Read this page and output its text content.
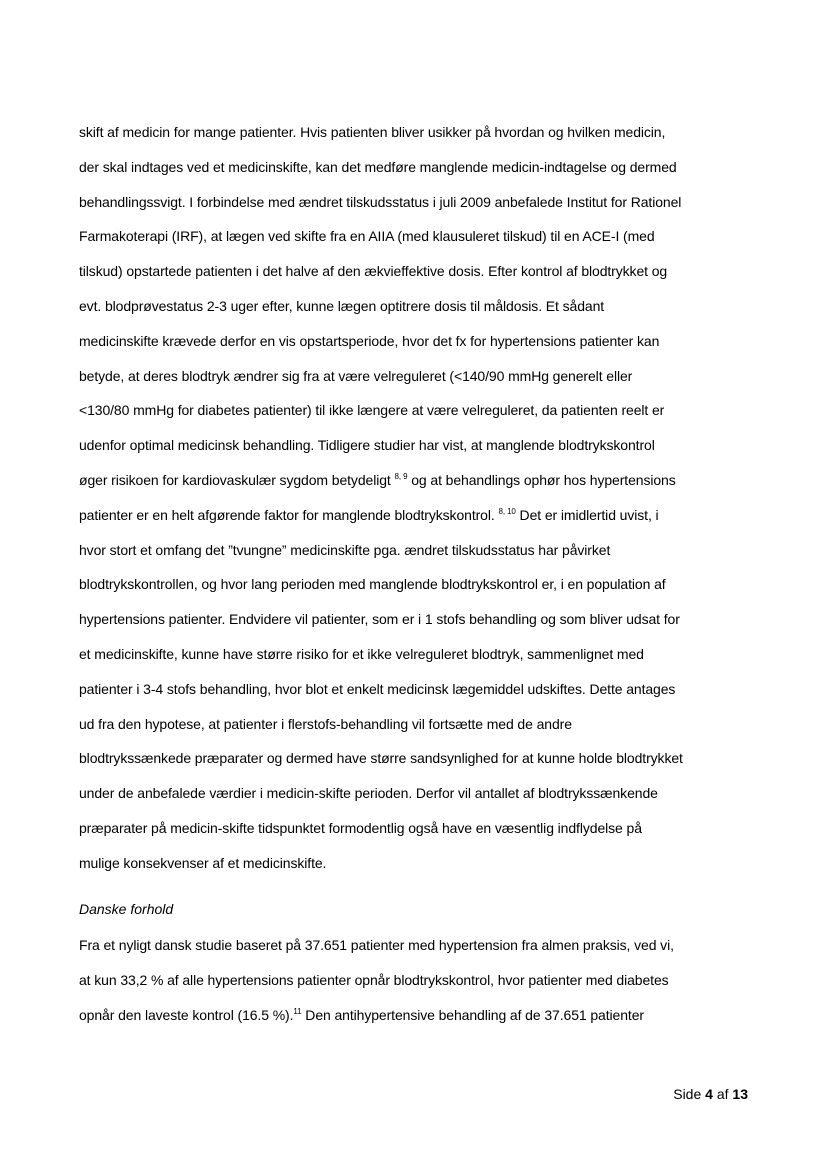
skift af medicin for mange patienter. Hvis patienten bliver usikker på hvordan og hvilken medicin,
der skal indtages ved et medicinskifte, kan det medføre manglende medicin-indtagelse og dermed
behandlingssvigt. I forbindelse med ændret tilskudsstatus i juli 2009 anbefalede Institut for Rationel
Farmakoterapi (IRF), at lægen ved skifte fra en AIIA (med klausuleret tilskud) til en ACE-I (med
tilskud) opstartede patienten i det halve af den ækvieffektive dosis. Efter kontrol af blodtrykket og
evt. blodprøvestatus 2-3 uger efter, kunne lægen optitrere dosis til måldosis. Et sådant
medicinskifte krævede derfor en vis opstartsperiode, hvor det fx for hypertensions patienter kan
betyde, at deres blodtryk ændrer sig fra at være velreguleret (<140/90 mmHg generelt eller
<130/80 mmHg for diabetes patienter) til ikke længere at være velreguleret, da patienten reelt er
udenfor optimal medicinsk behandling. Tidligere studier har vist, at manglende blodtrykskontrol
øger risikoen for kardiovaskulær sygdom betydeligt $^{8, 9}$ og at behandlings ophør hos hypertensions
patienter er en helt afgørende faktor for manglende blodtrykskontrol. $^{8, 10}$ Det er imidlertid uvist, i
hvor stort et omfang det ”tvungne” medicinskifte pga. ændret tilskudsstatus har påvirket
blodtrykskontrollen, og hvor lang perioden med manglende blodtrykskontrol er, i en population af
hypertensions patienter. Endvidere vil patienter, som er i 1 stofs behandling og som bliver udsat for
et medicinskifte, kunne have større risiko for et ikke velreguleret blodtryk, sammenlignet med
patienter i 3-4 stofs behandling, hvor blot et enkelt medicinsk lægemiddel udskiftes. Dette antages
ud fra den hypotese, at patienter i flerstofs-behandling vil fortsætte med de andre
blodtrykssænkede præparater og dermed have større sandsynlighed for at kunne holde blodtrykket
under de anbefalede værdier i medicin-skifte perioden. Derfor vil antallet af blodtrykssænkende
præparater på medicin-skifte tidspunktet formodentlig også have en væsentlig indflydelse på
mulige konsekvenser af et medicinskifte.
Danske forhold
Fra et nyligt dansk studie baseret på 37.651 patienter med hypertension fra almen praksis, ved vi,
at kun 33,2 % af alle hypertensions patienter opnår blodtrykskontrol, hvor patienter med diabetes
opnår den laveste kontrol (16.5 %).$^{11}$ Den antihypertensive behandling af de 37.651 patienter
Side 4 af 13
